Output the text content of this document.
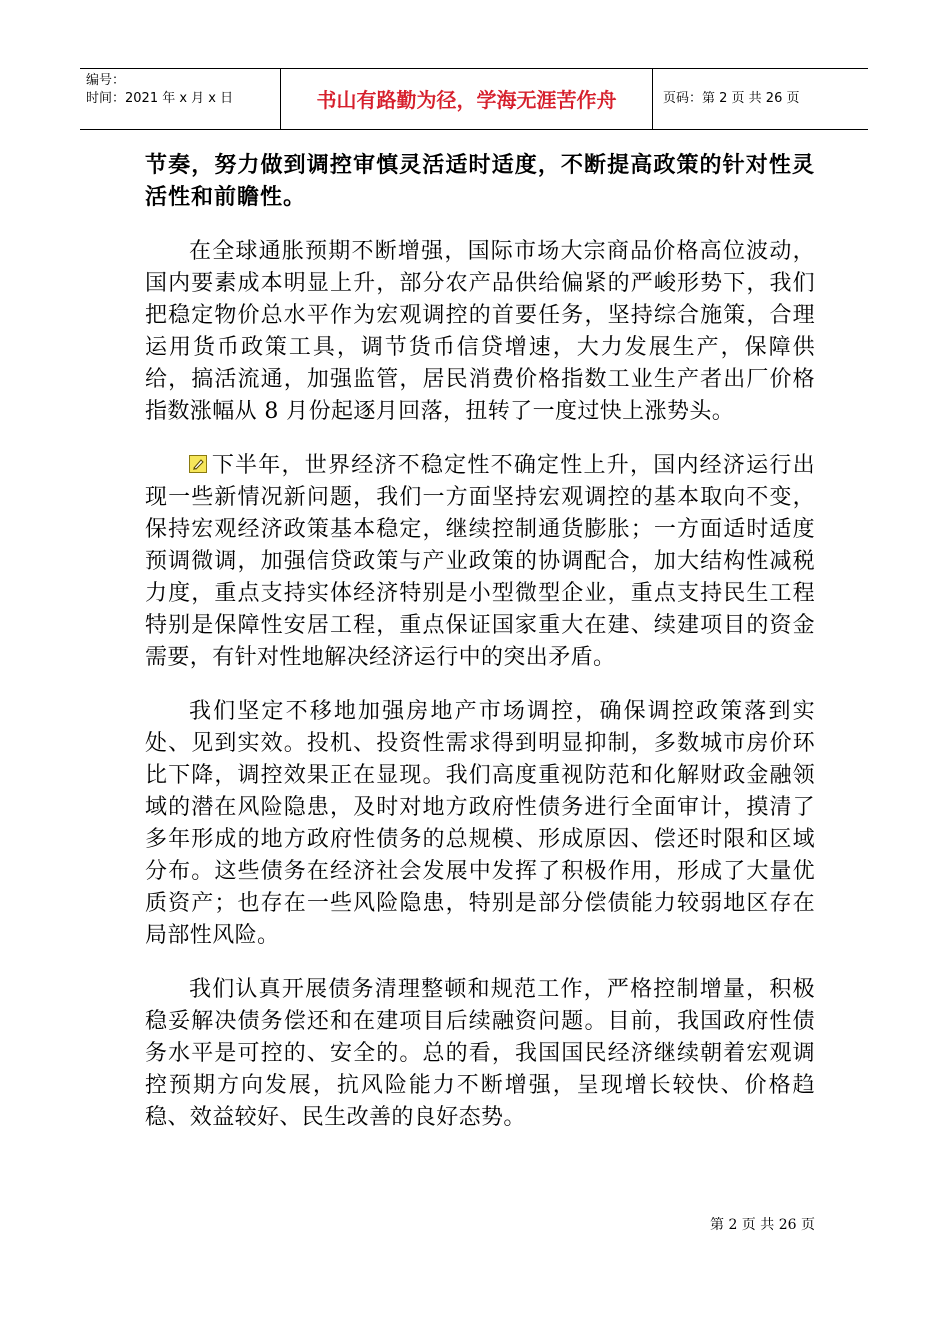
编号：
时间：2021 年 x 月 x 日	书山有路勤为径，学海无涯苦作舟	页码：第 2 页 共 26 页

节奏，努力做到调控审慎灵活适时适度，不断提高政策的针对性灵活性和前瞻性。

在全球通胀预期不断增强，国际市场大宗商品价格高位波动，国内要素成本明显上升，部分农产品供给偏紧的严峻形势下，我们把稳定物价总水平作为宏观调控的首要任务，坚持综合施策，合理运用货币政策工具，调节货币信贷增速，大力发展生产，保障供给，搞活流通，加强监管，居民消费价格指数工业生产者出厂价格指数涨幅从 8 月份起逐月回落，扭转了一度过快上涨势头。

下半年，世界经济不稳定性不确定性上升，国内经济运行出现一些新情况新问题，我们一方面坚持宏观调控的基本取向不变，保持宏观经济政策基本稳定，继续控制通货膨胀；一方面适时适度预调微调，加强信贷政策与产业政策的协调配合，加大结构性减税力度，重点支持实体经济特别是小型微型企业，重点支持民生工程特别是保障性安居工程，重点保证国家重大在建、续建项目的资金需要，有针对性地解决经济运行中的突出矛盾。

我们坚定不移地加强房地产市场调控，确保调控政策落到实处、见到实效。投机、投资性需求得到明显抑制，多数城市房价环比下降，调控效果正在显现。我们高度重视防范和化解财政金融领域的潜在风险隐患，及时对地方政府性债务进行全面审计，摸清了多年形成的地方政府性债务的总规模、形成原因、偿还时限和区域分布。这些债务在经济社会发展中发挥了积极作用，形成了大量优质资产；也存在一些风险隐患，特别是部分偿债能力较弱地区存在局部性风险。

我们认真开展债务清理整顿和规范工作，严格控制增量，积极稳妥解决债务偿还和在建项目后续融资问题。目前，我国政府性债务水平是可控的、安全的。总的看，我国国民经济继续朝着宏观调控预期方向发展，抗风险能力不断增强，呈现增长较快、价格趋稳、效益较好、民生改善的良好态势。

第 2 页 共 26 页
